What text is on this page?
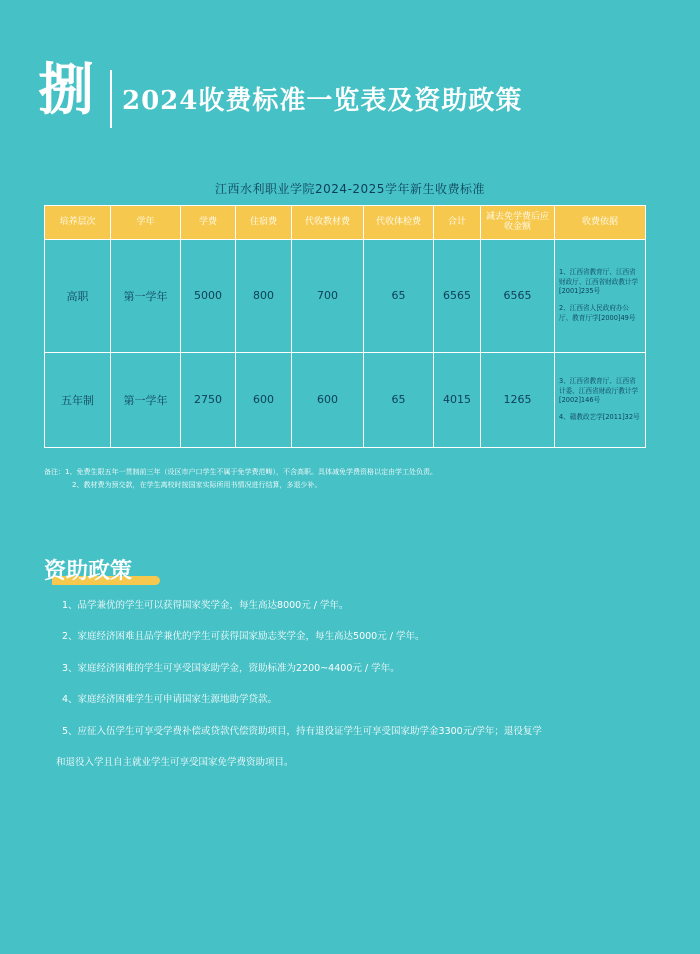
捌 2024收费标准一览表及资助政策
江西水利职业学院2024-2025学年新生收费标准
培养层次	学年	学费	住宿费	代收教材费	代收体检费	合计	减去免学费后应收金额	收费依据
高职	第一学年	5000	800	700	65	6565	6565	1、江西省教育厅、江西省财政厅、江西省财政教计学[2001]235号

2、江西省人民政府办公厅、教育厅学[2000]49号

五年制	第一学年	2750	600	600	65	4015	1265	3、江西省教育厅、江西省计委、江西省财政厅教计学[2002]146号

4、赣教政艺学[2011]32号

备注：1、免费生限五年一贯制前三年（设区市户口学生不属于免学费范畴），不含高职。具体减免学费资格以定由学工处负责。
2、教材费为预交款，在学生离校时按国家实际所用书情况进行结算，多退少补。
资助政策
1、品学兼优的学生可以获得国家奖学金，每生高达8000元 / 学年。
2、家庭经济困难且品学兼优的学生可获得国家励志奖学金，每生高达5000元 / 学年。
3、家庭经济困难的学生可享受国家助学金，资助标准为2200~4400元 / 学年。
4、家庭经济困难学生可申请国家生源地助学贷款。
5、应征入伍学生可享受学费补偿或贷款代偿资助项目，持有退役证学生可享受国家助学金3300元/学年；退役复学
和退役入学且自主就业学生可享受国家免学费资助项目。
